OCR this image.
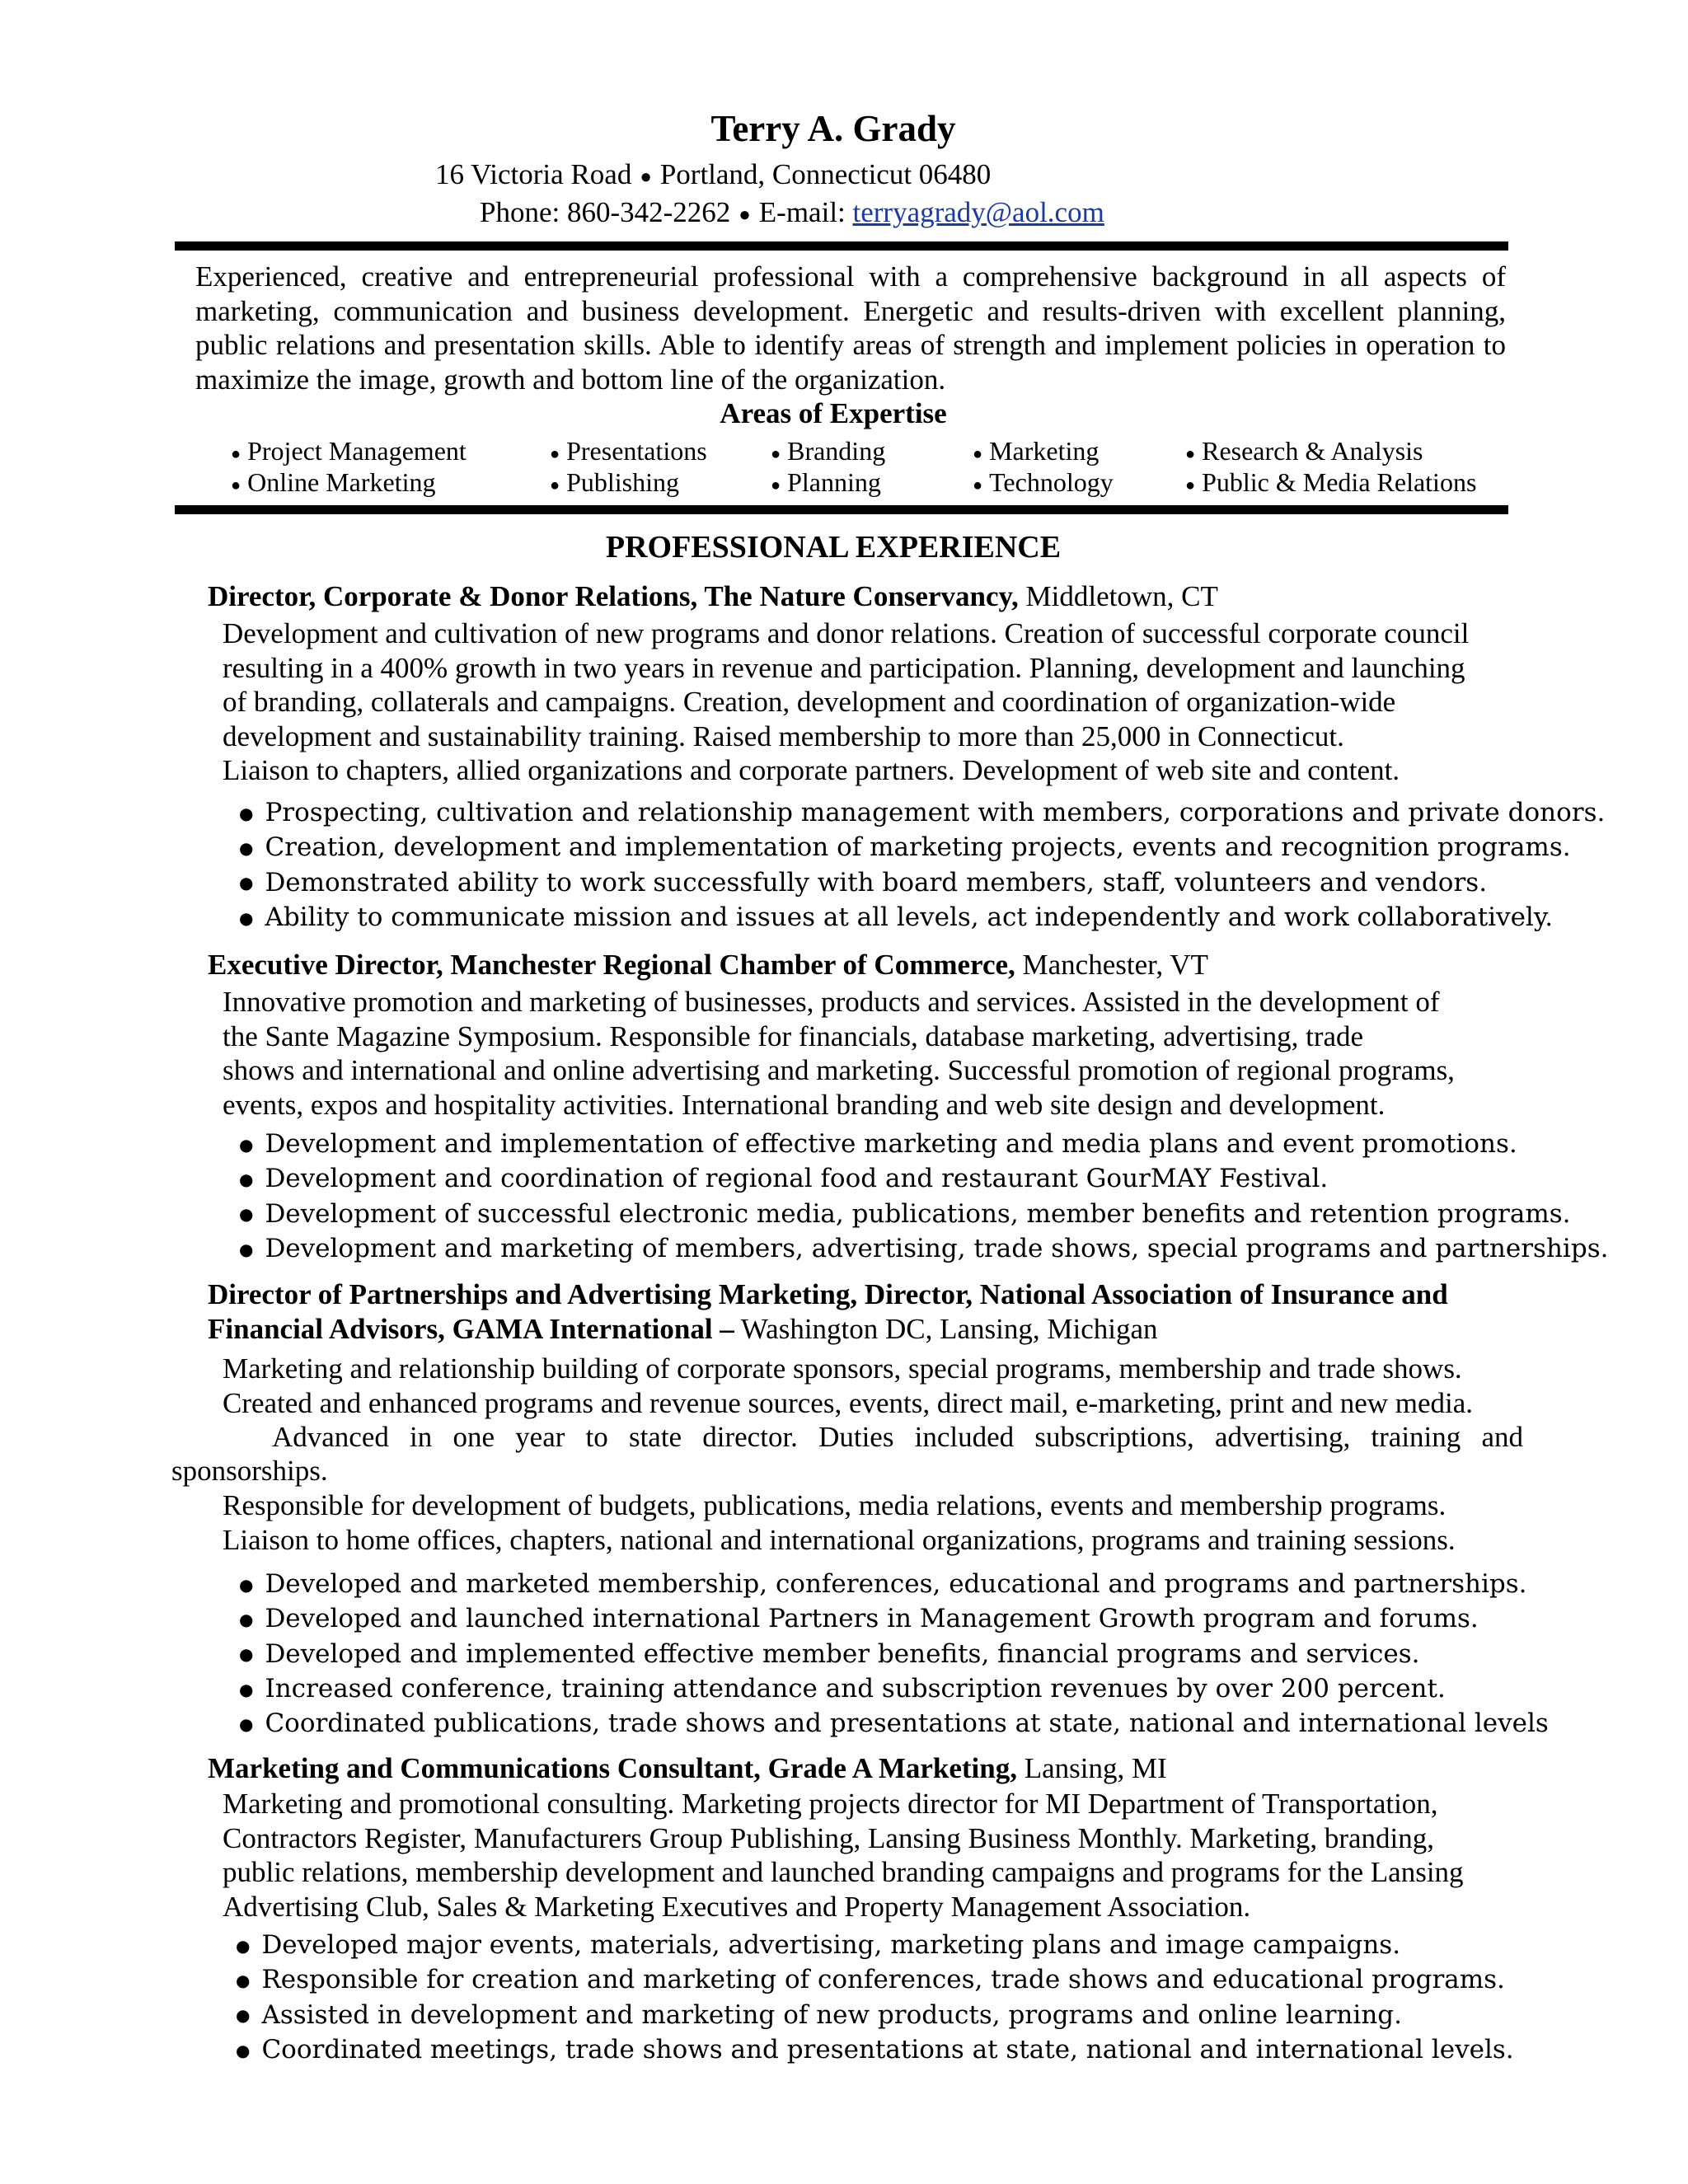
Terry A. Grady
16 Victoria Road ● Portland, Connecticut 06480
Phone: 860-342-2262 ● E-mail: terryagrady@aol.com

Experienced, creative and entrepreneurial professional with a comprehensive background in all aspects of marketing, communication and business development. Energetic and results-driven with excellent planning, public relations and presentation skills. Able to identify areas of strength and implement policies in operation to maximize the image, growth and bottom line of the organization.

Areas of Expertise
● Project Management	● Presentations	● Branding	● Marketing	● Research & Analysis
● Online Marketing	● Publishing	● Planning	● Technology	● Public & Media Relations
PROFESSIONAL EXPERIENCE
Director, Corporate & Donor Relations, The Nature Conservancy, Middletown, CT
Development and cultivation of new programs and donor relations. Creation of successful corporate council
resulting in a 400% growth in two years in revenue and participation. Planning, development and launching
of branding, collaterals and campaigns. Creation, development and coordination of organization-wide
development and sustainability training. Raised membership to more than 25,000 in Connecticut.
Liaison to chapters, allied organizations and corporate partners. Development of web site and content.
● Prospecting, cultivation and relationship management with members, corporations and private donors.
● Creation, development and implementation of marketing projects, events and recognition programs.
● Demonstrated ability to work successfully with board members, staff, volunteers and vendors.
● Ability to communicate mission and issues at all levels, act independently and work collaboratively.
Executive Director, Manchester Regional Chamber of Commerce, Manchester, VT
Innovative promotion and marketing of businesses, products and services. Assisted in the development of
the Sante Magazine Symposium. Responsible for financials, database marketing, advertising, trade
shows and international and online advertising and marketing. Successful promotion of regional programs,
events, expos and hospitality activities. International branding and web site design and development.
● Development and implementation of effective marketing and media plans and event promotions.
● Development and coordination of regional food and restaurant GourMAY Festival.
● Development of successful electronic media, publications, member benefits and retention programs.
● Development and marketing of members, advertising, trade shows, special programs and partnerships.
Director of Partnerships and Advertising Marketing, Director, National Association of Insurance and
Financial Advisors, GAMA International – Washington DC, Lansing, Michigan
Marketing and relationship building of corporate sponsors, special programs, membership and trade shows.
Created and enhanced programs and revenue sources, events, direct mail, e-marketing, print and new media.
Advanced in one year to state director. Duties included subscriptions, advertising, training and
sponsorships.
Responsible for development of budgets, publications, media relations, events and membership programs.
Liaison to home offices, chapters, national and international organizations, programs and training sessions.
● Developed and marketed membership, conferences, educational and programs and partnerships.
● Developed and launched international Partners in Management Growth program and forums.
● Developed and implemented effective member benefits, financial programs and services.
● Increased conference, training attendance and subscription revenues by over 200 percent.
● Coordinated publications, trade shows and presentations at state, national and international levels
Marketing and Communications Consultant, Grade A Marketing, Lansing, MI
Marketing and promotional consulting. Marketing projects director for MI Department of Transportation,
Contractors Register, Manufacturers Group Publishing, Lansing Business Monthly. Marketing, branding,
public relations, membership development and launched branding campaigns and programs for the Lansing
Advertising Club, Sales & Marketing Executives and Property Management Association.
● Developed major events, materials, advertising, marketing plans and image campaigns.
● Responsible for creation and marketing of conferences, trade shows and educational programs.
● Assisted in development and marketing of new products, programs and online learning.
● Coordinated meetings, trade shows and presentations at state, national and international levels.
